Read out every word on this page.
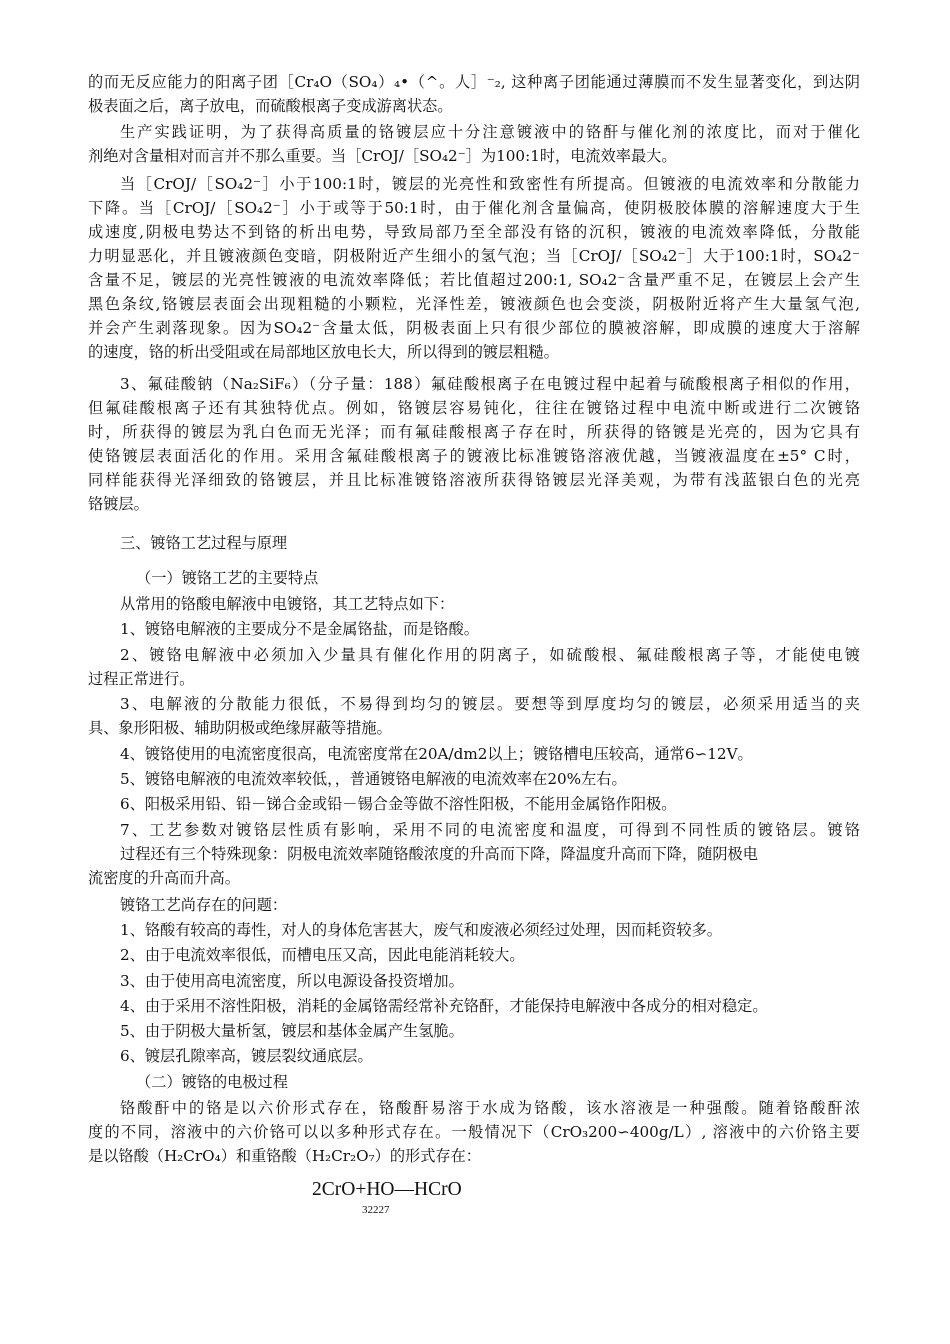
的而无反应能力的阳离子团［Cr₄O（SO₄）₄•（^。人］⁻₂, 这种离子团能通过薄膜而不发生显著变化，到达阴
极表面之后，离子放电，而硫酸根离子变成游离状态。
生产实践证明，为了获得高质量的铬镀层应十分注意镀液中的铬酐与催化剂的浓度比，而对于催化
剂绝对含量相对而言并不那么重要。当［CrOJ/［SO₄2⁻］为100:1时，电流效率最大。
当［CrOJ/［SO₄2⁻］小于100:1时，镀层的光亮性和致密性有所提高。但镀液的电流效率和分散能力
下降。当［CrOJ/［SO₄2⁻］小于或等于50:1时，由于催化剂含量偏高，使阴极胶体膜的溶解速度大于生
成速度,阴极电势达不到铬的析出电势，导致局部乃至全部没有铬的沉积，镀液的电流效率降低，分散能
力明显恶化，并且镀液颜色变暗，阴极附近产生细小的氢气泡；当［CrOJ/［SO₄2⁻］大于100:1时，SO₄2⁻
含量不足，镀层的光亮性镀液的电流效率降低；若比值超过200:1, SO₄2⁻含量严重不足，在镀层上会产生
黑色条纹,铬镀层表面会出现粗糙的小颗粒，光泽性差，镀液颜色也会变淡，阴极附近将产生大量氢气泡,
并会产生剥落现象。因为SO₄2⁻含量太低，阴极表面上只有很少部位的膜被溶解，即成膜的速度大于溶解
的速度，铬的析出受阻或在局部地区放电长大，所以得到的镀层粗糙。
3、氟硅酸钠（Na₂SiF₆）（分子量：188）氟硅酸根离子在电镀过程中起着与硫酸根离子相似的作用，
但氟硅酸根离子还有其独特优点。例如，铬镀层容易钝化，往往在镀铬过程中电流中断或进行二次镀铬
时，所获得的镀层为乳白色而无光泽；而有氟硅酸根离子存在时，所获得的铬镀是光亮的，因为它具有
使铬镀层表面活化的作用。采用含氟硅酸根离子的镀液比标准镀铬溶液优越，当镀液温度在±5° C时，
同样能获得光泽细致的铬镀层，并且比标准镀铬溶液所获得铬镀层光泽美观，为带有浅蓝银白色的光亮
铬镀层。
三、镀铬工艺过程与原理
（一）镀铬工艺的主要特点
从常用的铬酸电解液中电镀铬，其工艺特点如下：
1、镀铬电解液的主要成分不是金属铬盐，而是铬酸。
2、镀铬电解液中必须加入少量具有催化作用的阴离子，如硫酸根、氟硅酸根离子等，才能使电镀
过程正常进行。
3、电解液的分散能力很低，不易得到均匀的镀层。要想等到厚度均匀的镀层，必须采用适当的夹
具、象形阳极、辅助阴极或绝缘屏蔽等措施。
4、镀铬使用的电流密度很高，电流密度常在20A/dm2以上；镀铬槽电压较高，通常6∽12V。
5、镀铬电解液的电流效率较低，，普通镀铬电解液的电流效率在20%左右。
6、阳极采用铅、铅－锑合金或铅－锡合金等做不溶性阳极，不能用金属铬作阳极。
7、工艺参数对镀铬层性质有影响，采用不同的电流密度和温度，可得到不同性质的镀铬层。镀铬
过程还有三个特殊现象：阴极电流效率随铬酸浓度的升高而下降，降温度升高而下降，随阴极电
流密度的升高而升高。
镀铬工艺尚存在的问题：
1、铬酸有较高的毒性，对人的身体危害甚大，废气和废液必须经过处理，因而耗资较多。
2、由于电流效率很低，而槽电压又高，因此电能消耗较大。
3、由于使用高电流密度，所以电源设备投资增加。
4、由于采用不溶性阳极，消耗的金属铬需经常补充铬酐，才能保持电解液中各成分的相对稳定。
5、由于阴极大量析氢，镀层和基体金属产生氢脆。
6、镀层孔隙率高，镀层裂纹通底层。
（二）镀铬的电极过程
铬酸酐中的铬是以六价形式存在，铬酸酐易溶于水成为铬酸，该水溶液是一种强酸。随着铬酸酐浓
度的不同，溶液中的六价铬可以以多种形式存在。一般情况下（CrO₃200∽400g/L）, 溶液中的六价铬主要
是以铬酸（H₂CrO₄）和重铬酸（H₂Cr₂O₇）的形式存在：
2CrO+HO—HCrO
32227
